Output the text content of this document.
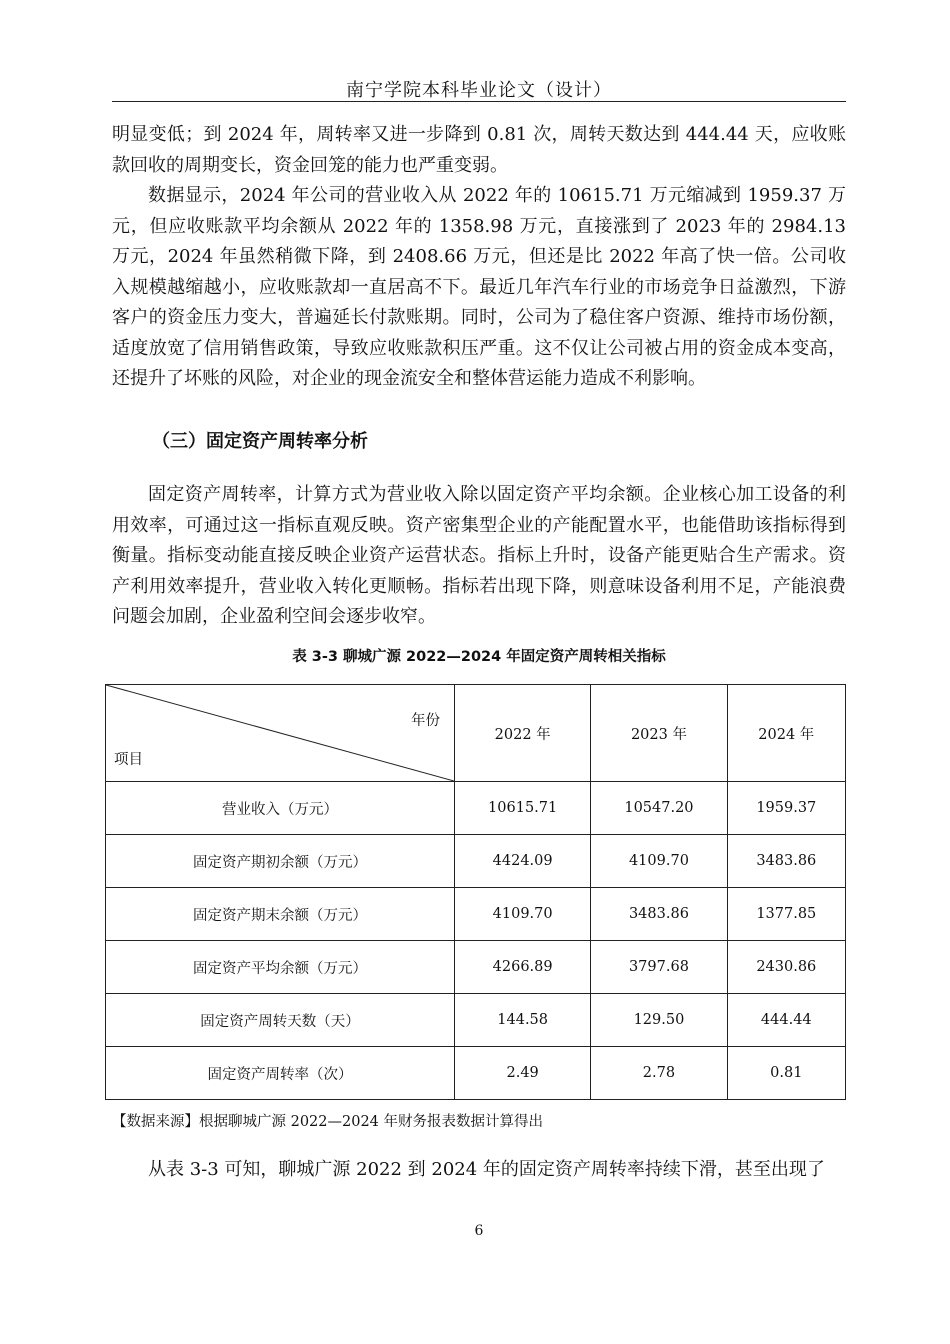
南宁学院本科毕业论文（设计）

明显变低；到 2024 年，周转率又进一步降到 0.81 次，周转天数达到 444.44 天，应收账款回收的周期变长，资金回笼的能力也严重变弱。

数据显示，2024 年公司的营业收入从 2022 年的 10615.71 万元缩减到 1959.37 万元，但应收账款平均余额从 2022 年的 1358.98 万元，直接涨到了 2023 年的 2984.13 万元，2024 年虽然稍微下降，到 2408.66 万元，但还是比 2022 年高了快一倍。公司收入规模越缩越小，应收账款却一直居高不下。最近几年汽车行业的市场竞争日益激烈，下游客户的资金压力变大，普遍延长付款账期。同时，公司为了稳住客户资源、维持市场份额，适度放宽了信用销售政策，导致应收账款积压严重。这不仅让公司被占用的资金成本变高，还提升了坏账的风险，对企业的现金流安全和整体营运能力造成不利影响。

（三）固定资产周转率分析

固定资产周转率，计算方式为营业收入除以固定资产平均余额。企业核心加工设备的利用效率，可通过这一指标直观反映。资产密集型企业的产能配置水平，也能借助该指标得到衡量。指标变动能直接反映企业资产运营状态。指标上升时，设备产能更贴合生产需求。资产利用效率提升，营业收入转化更顺畅。指标若出现下降，则意味设备利用不足，产能浪费问题会加剧，企业盈利空间会逐步收窄。

表 3-3 聊城广源 2022—2024 年固定资产周转相关指标
年份
项目	2022 年	2023 年	2024 年
营业收入（万元）	10615.71	10547.20	1959.37
固定资产期初余额（万元）	4424.09	4109.70	3483.86
固定资产期末余额（万元）	4109.70	3483.86	1377.85
固定资产平均余额（万元）	4266.89	3797.68	2430.86
固定资产周转天数（天）	144.58	129.50	444.44
固定资产周转率（次）	2.49	2.78	0.81
【数据来源】根据聊城广源 2022—2024 年财务报表数据计算得出

从表 3-3 可知，聊城广源 2022 到 2024 年的固定资产周转率持续下滑，甚至出现了

6
